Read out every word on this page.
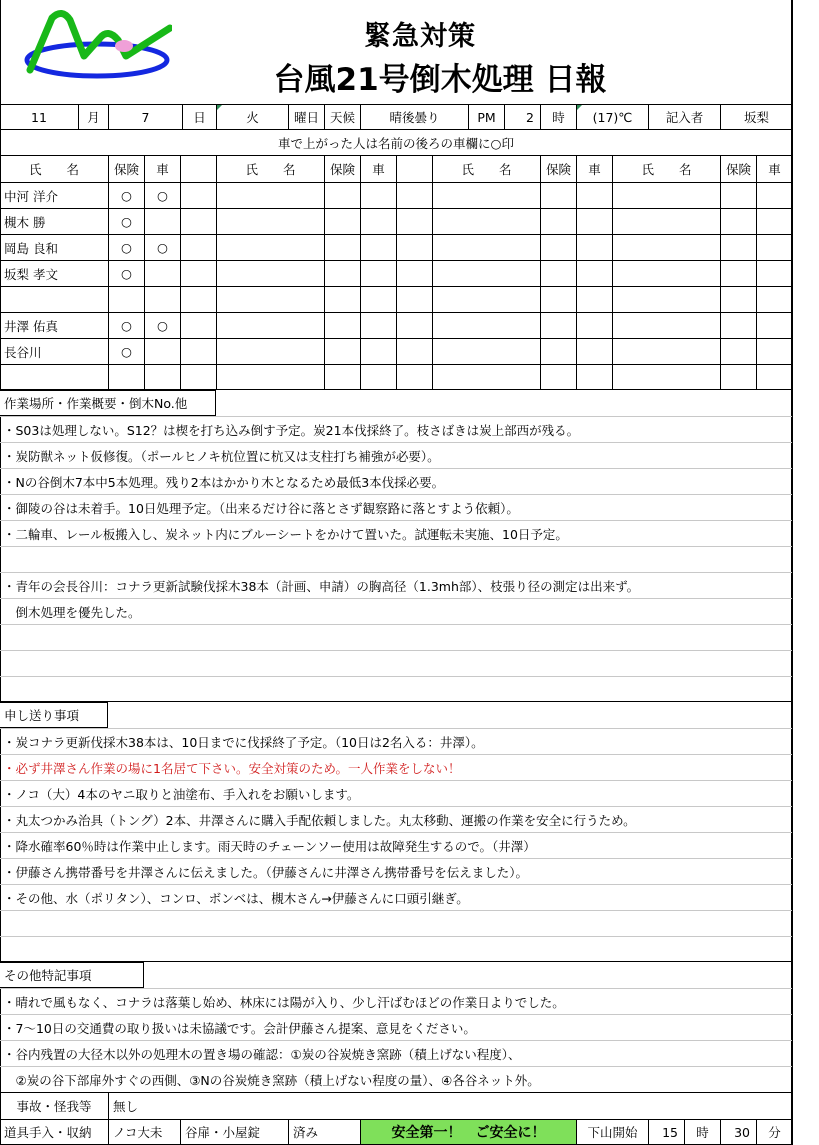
緊急対策
台風21号倒木処理 日報
11	月	7	日	火	曜日 天候	晴後曇り	PM	2	時	(17)℃	記入者	坂梨
車で上がった人は名前の後ろの車欄に○印
氏　　名	保険	車	氏　　名	保険	車	氏　　名	保険	車	氏　　名	保険	車
中河 洋介	○	○
槻木 勝	○
岡島 良和	○	○
坂梨 孝文	○
井澤 佑真	○	○
長谷川	○
作業場所・作業概要・倒木No.他
・S03は処理しない。S12？は楔を打ち込み倒す予定。炭21本伐採終了。枝さばきは炭上部西が残る。
・炭防獣ネット仮修復。（ポールヒノキ杭位置に杭又は支柱打ち補強が必要）。
・Nの谷倒木7本中5本処理。残り2本はかかり木となるため最低3本伐採必要。
・御陵の谷は未着手。10日処理予定。（出来るだけ谷に落とさず観察路に落とすよう依頼）。
・二輪車、レール板搬入し、炭ネット内にブルーシートをかけて置いた。試運転未実施、10日予定。
・青年の会長谷川：コナラ更新試験伐採木38本（計画、申請）の胸高径（1.3mh部）、枝張り径の測定は出来ず。
　倒木処理を優先した。
申し送り事項
・炭コナラ更新伐採木38本は、10日までに伐採終了予定。（10日は2名入る：井澤）。
・必ず井澤さん作業の場に1名居て下さい。安全対策のため。一人作業をしない！
・ノコ（大）4本のヤニ取りと油塗布、手入れをお願いします。
・丸太つかみ治具（トング）2本、井澤さんに購入手配依頼しました。丸太移動、運搬の作業を安全に行うため。
・降水確率60％時は作業中止します。雨天時のチェーンソー使用は故障発生するので。（井澤）
・伊藤さん携帯番号を井澤さんに伝えました。（伊藤さんに井澤さん携帯番号を伝えました）。
・その他、水（ポリタン）、コンロ、ボンベは、槻木さん→伊藤さんに口頭引継ぎ。
その他特記事項
・晴れで風もなく、コナラは落葉し始め、林床には陽が入り、少し汗ばむほどの作業日よりでした。
・7～10日の交通費の取り扱いは未協議です。会計伊藤さん提案、意見をください。
・谷内残置の大径木以外の処理木の置き場の確認：①炭の谷炭焼き窯跡（積上げない程度）、
　②炭の谷下部扉外すぐの西側、③Nの谷炭焼き窯跡（積上げない程度の量）、④各谷ネット外。
事故・怪我等	無し
道具手入・収納	ノコ大未	谷扉・小屋錠	済み	安全第一！　ご安全に！	下山開始	15	時	30	分
